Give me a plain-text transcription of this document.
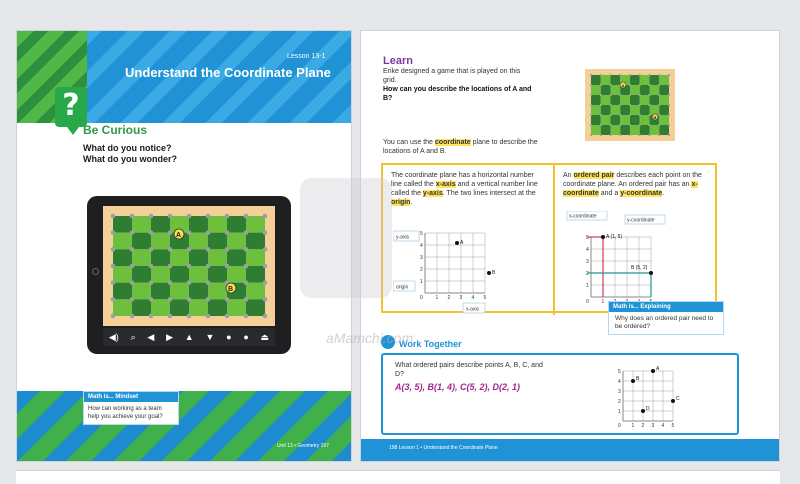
Lesson 13-1
Understand the Coordinate Plane
?
Be Curious
What do you notice?
What do you wonder?
A
B
◀) ⌕ ◀ ▶ ▲ ▼ ● ● ⏏
Math is... Mindset
How can working as a team help you achieve your goal?
Unit 13 • Geometry 197
Learn
Erike designed a game that is played on this grid.
How can you describe the locations of A and B?
A
B
You can use the coordinate plane to describe the locations of A and B.
The coordinate plane has a horizontal number line called the x-axis and a vertical number line called the y-axis. The two lines intersect at the origin.
An ordered pair describes each point on the coordinate plane. An ordered pair has an x-coordinate and a y-coordinate.
1
1
2
2
3
3
4
4
5
5
0
y-axis
origin
x-axis
A
B
1
1
2
3
4
5
0
x-coordinate
y-coordinate
A (1, 5)
B (5, 2)
Math is... Explaining
Why does an ordered pair need to be ordered?
Work Together
What ordered pairs describe points A, B, C, and D?
A(3, 5), B(1, 4), C(5, 2), D(2, 1)
1
1
2
2
3
3
4
4
5
5
0
A
B
C
D
198 Lesson 1 • Understand the Coordinate Plane
aMamchi.com
